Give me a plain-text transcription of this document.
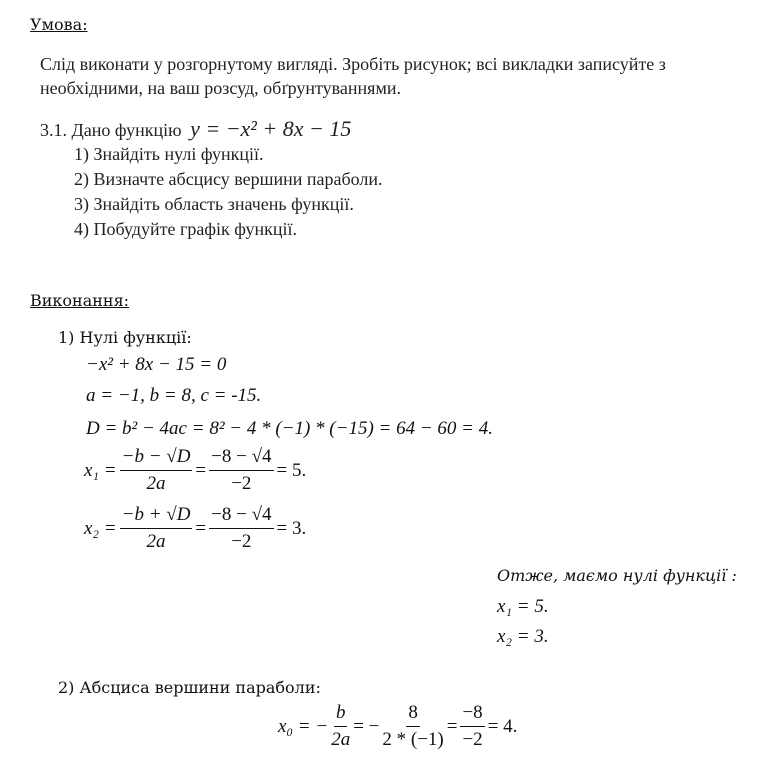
Умова:
Слід виконати у розгорнутому вигляді. Зробіть рисунок; всі викладки записуйте з необхідними, на ваш розсуд, обґрунтуваннями.
3.1. Дано функцію y = −x² + 8x − 15
1) Знайдіть нулі функції.
2) Визначте абсцису вершини параболи.
3) Знайдіть область значень функції.
4) Побудуйте графік функції.
Виконання:
1) Нулі функції:
−x² + 8x − 15 = 0
a = −1, b = 8, c = -15.
D = b² − 4ac = 8² − 4 * (−1) * (−15) = 64 − 60 = 4.
$x_1 = \frac{-b - √D}{2a} = \frac{-8 - √4}{-2} = 5$.
$x_2 = \frac{-b + √D}{2a} = \frac{-8 - √4}{-2} = 3$.
Отже, маємо нулі функції :
x₁ = 5.
x₂ = 3.
2) Абсциса вершини параболи:
x₀ = − $\frac{b}{2a}$ = − $\frac{8}{2 * (-1)} = \frac{-8}{-2} = 4$.
